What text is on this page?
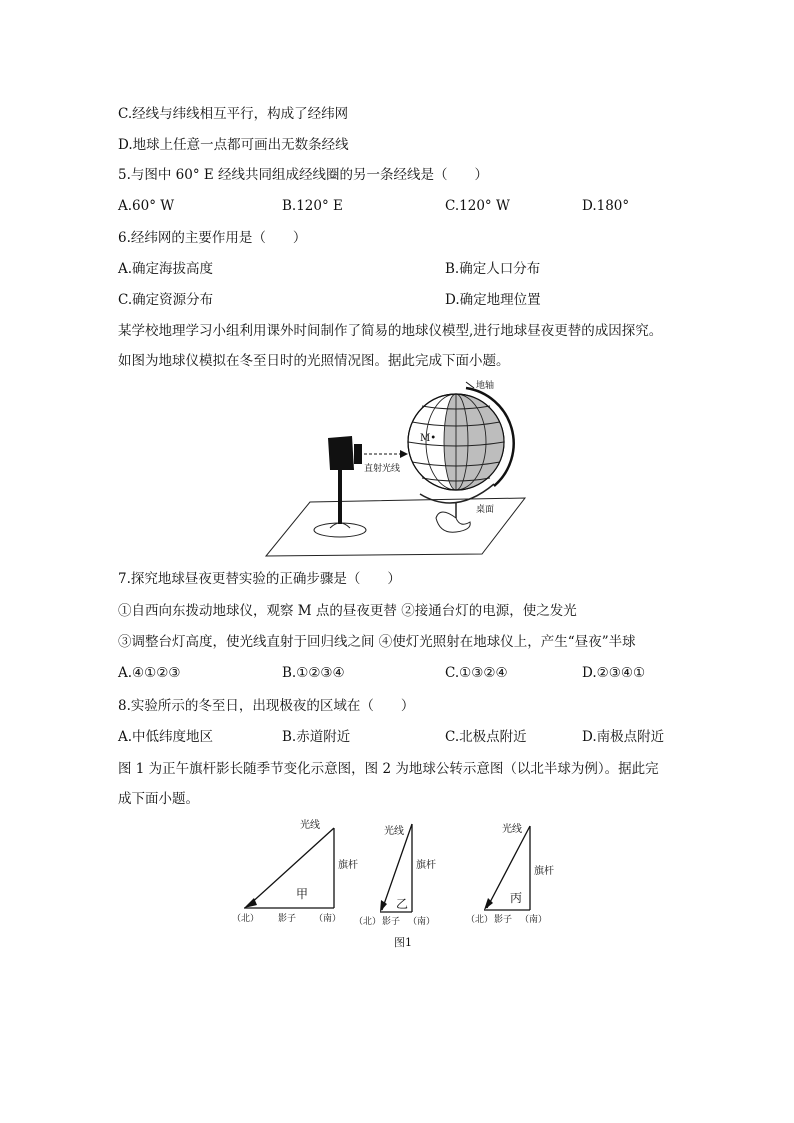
C.经线与纬线相互平行，构成了经纬网
D.地球上任意一点都可画出无数条经线
5.与图中 60° E 经线共同组成经线圈的另一条经线是（　　）
A.60° W	B.120° E	C.120° W	D.180°
6.经纬网的主要作用是（　　）
A.确定海拔高度	B.确定人口分布
C.确定资源分布	D.确定地理位置
某学校地理学习小组利用课外时间制作了简易的地球仪模型,进行地球昼夜更替的成因探究。
如图为地球仪模拟在冬至日时的光照情况图。据此完成下面小题。
直射光线
地轴
M•
桌面
7.探究地球昼夜更替实验的正确步骤是（　　）
①自西向东拨动地球仪，观察 M 点的昼夜更替 ②接通台灯的电源，使之发光
③调整台灯高度，使光线直射于回归线之间 ④使灯光照射在地球仪上，产生“昼夜”半球
A.④①②③	B.①②③④	C.①③②④	D.②③④①
8.实验所示的冬至日，出现极夜的区域在（　　）
A.中低纬度地区	B.赤道附近	C.北极点附近	D.南极点附近
图 1 为正午旗杆影长随季节变化示意图，图 2 为地球公转示意图（以北半球为例）。据此完
成下面小题。
光线
旗杆
甲
（北） 影子 （南）
光线
旗杆
乙
（北） 影子 （南）
光线
旗杆
丙
（北） 影子 （南）
图1
